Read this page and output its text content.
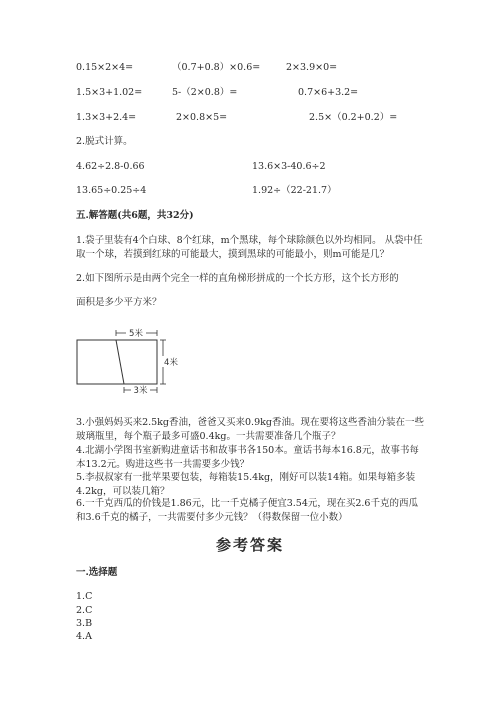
0.15×2×4=	（0.7+0.8）×0.6=	2×3.9×0=
1.5×3+1.02=	5-（2×0.8）=	0.7×6+3.2=
1.3×3+2.4=	2×0.8×5=	2.5×（0.2+0.2）=
2.脱式计算。
4.62÷2.8-0.66	13.6×3-40.6÷2
13.65÷0.25÷4	1.92÷（22-21.7）
五.解答题(共6题，共32分)
1.袋子里装有4个白球、8个红球，m个黑球，每个球除颜色以外均相同。 从袋中任取一个球，若摸到红球的可能最大，摸到黑球的可能最小，则m可能是几？
2.如下图所示是由两个完全一样的直角梯形拼成的一个长方形，这个长方形的
面积是多少平方米？
5米
4米
3米
3.小强妈妈买来2.5kg香油，爸爸又买来0.9kg香油。现在要将这些香油分装在一些玻璃瓶里，每个瓶子最多可盛0.4kg。一共需要准备几个瓶子？
4.北湖小学图书室新购进童话书和故事书各150本。童话书每本16.8元，故事书每本13.2元。购进这些书一共需要多少钱？
5.李叔叔家有一批苹果要包装，每箱装15.4kg，刚好可以装14箱。如果每箱多装4.2kg，可以装几箱？
6.一千克西瓜的价钱是1.86元，比一千克橘子便宜3.54元，现在买2.6千克的西瓜和3.6千克的橘子，一共需要付多少元钱？（得数保留一位小数）
参考答案
一.选择题
1.C
2.C
3.B
4.A
